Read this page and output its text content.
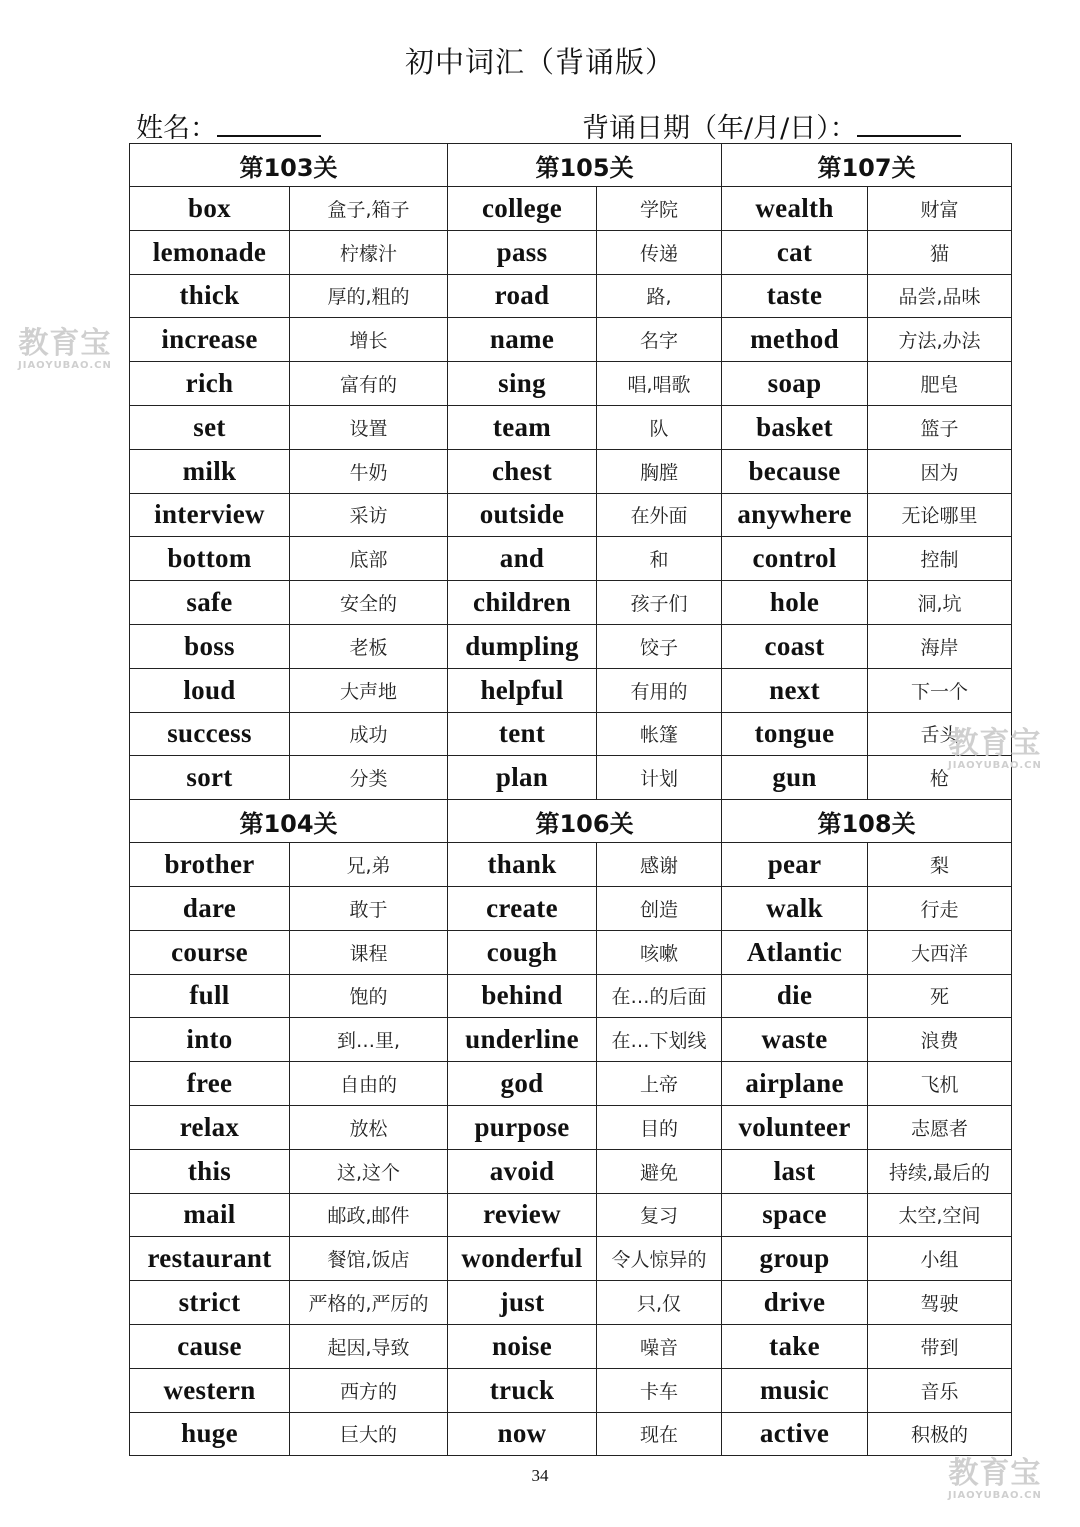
初中词汇（背诵版）
姓名：	背诵日期（年/月/日）：
第103关		第105关		第107关	
box	盒子,箱子	college	学院	wealth	财富
lemonade	柠檬汁	pass	传递	cat	猫
thick	厚的,粗的	road	路,	taste	品尝,品味
increase	增长	name	名字	method	方法,办法
rich	富有的	sing	唱,唱歌	soap	肥皂
set	设置	team	队	basket	篮子
milk	牛奶	chest	胸膛	because	因为
interview	采访	outside	在外面	anywhere	无论哪里
bottom	底部	and	和	control	控制
safe	安全的	children	孩子们	hole	洞,坑
boss	老板	dumpling	饺子	coast	海岸
loud	大声地	helpful	有用的	next	下一个
success	成功	tent	帐篷	tongue	舌头
sort	分类	plan	计划	gun	枪
第104关		第106关		第108关	
brother	兄,弟	thank	感谢	pear	梨
dare	敢于	create	创造	walk	行走
course	课程	cough	咳嗽	Atlantic	大西洋
full	饱的	behind	在…的后面	die	死
into	到…里,	underline	在…下划线	waste	浪费
free	自由的	god	上帝	airplane	飞机
relax	放松	purpose	目的	volunteer	志愿者
this	这,这个	avoid	避免	last	持续,最后的
mail	邮政,邮件	review	复习	space	太空,空间
restaurant	餐馆,饭店	wonderful	令人惊异的	group	小组
strict	严格的,严厉的	just	只,仅	drive	驾驶
cause	起因,导致	noise	噪音	take	带到
western	西方的	truck	卡车	music	音乐
huge	巨大的	now	现在	active	积极的
34
教育宝
JIAOYUBAO.CN
教育宝
JIAOYUBAO.CN
教育宝
JIAOYUBAO.CN
